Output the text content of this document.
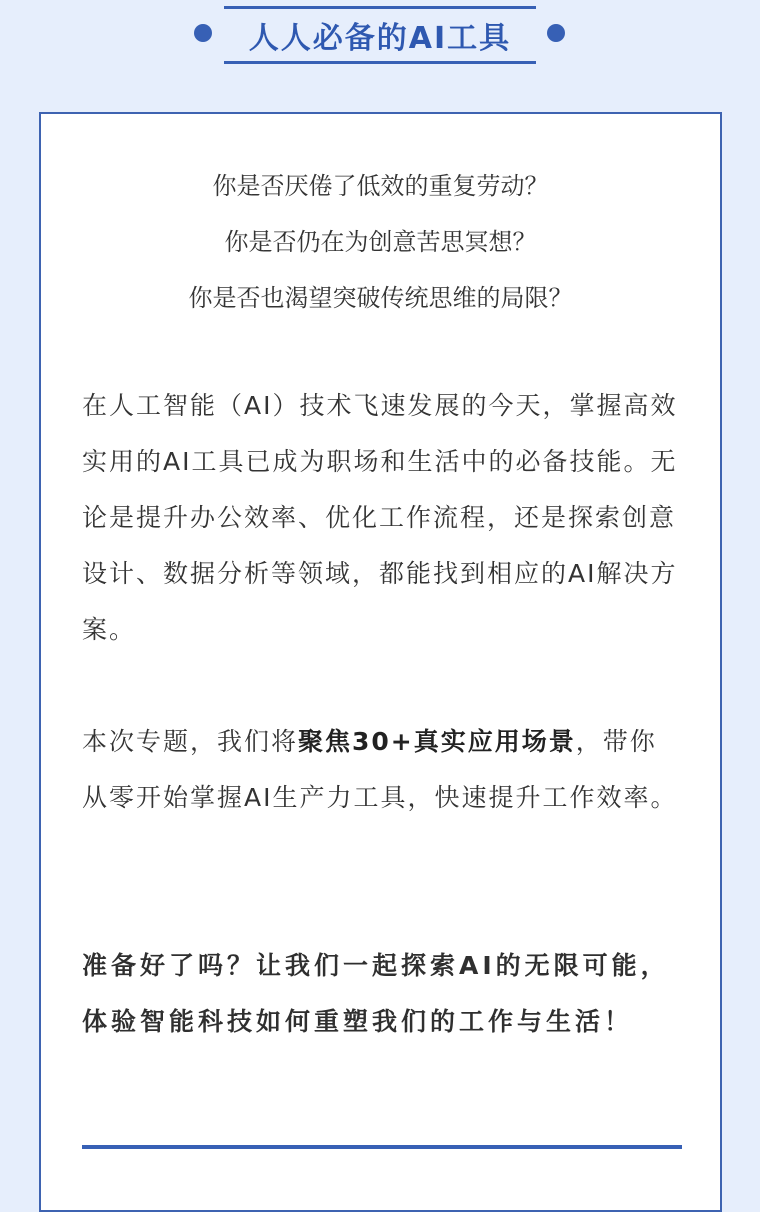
人人必备的AI工具
你是否厌倦了低效的重复劳动？
你是否仍在为创意苦思冥想？
你是否也渴望突破传统思维的局限？
在人工智能（AI）技术飞速发展的今天，掌握高效实用的AI工具已成为职场和生活中的必备技能。无论是提升办公效率、优化工作流程，还是探索创意设计、数据分析等领域，都能找到相应的AI解决方案。
本次专题，我们将聚焦30+真实应用场景，带你从零开始掌握AI生产力工具，快速提升工作效率。
准备好了吗？让我们一起探索AI的无限可能，体验智能科技如何重塑我们的工作与生活！
